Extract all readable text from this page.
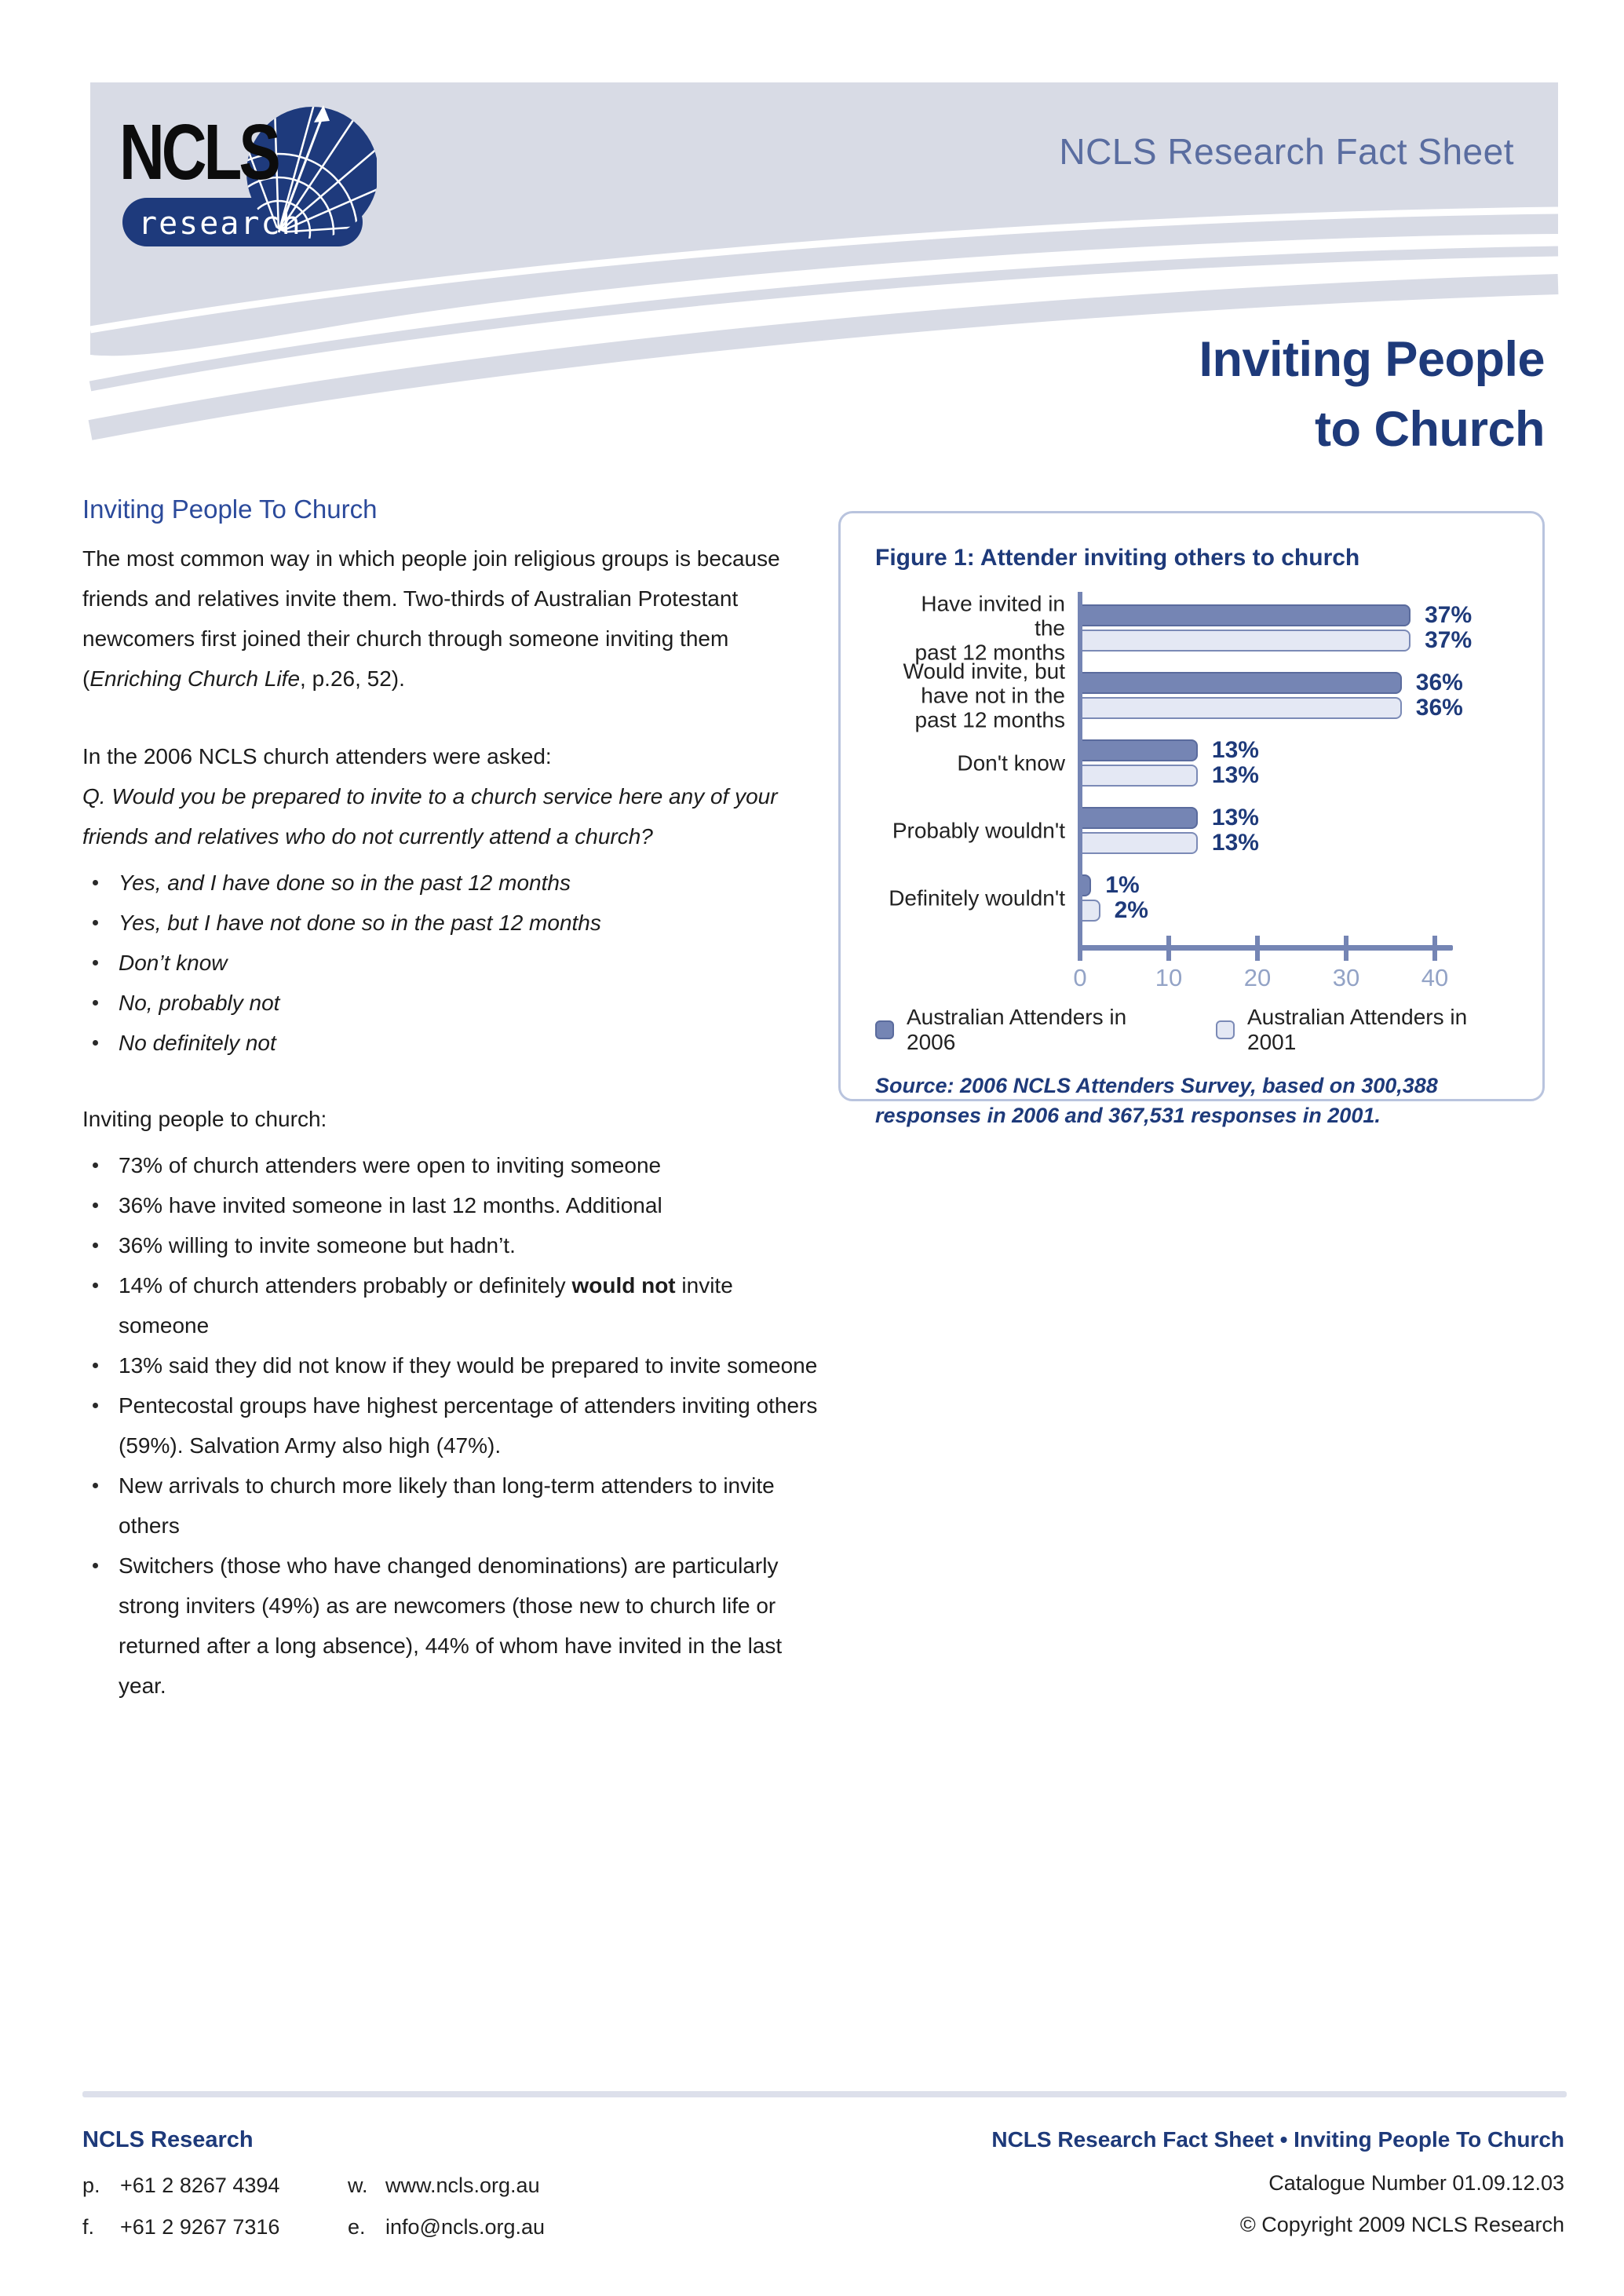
NCLS
research
NCLS Research Fact Sheet
Inviting People
to Church
Inviting People To Church

The most common way in which people join religious groups is because friends and relatives invite them. Two-thirds of Australian Protestant newcomers first joined their church through someone inviting them (Enriching Church Life, p.26, 52).

In the 2006 NCLS church attenders were asked:

Q. Would you be prepared to invite to a church service here any of your friends and relatives who do not currently attend a church?

Yes, and I have done so in the past 12 months
Yes, but I have not done so in the past 12 months
Don’t know
No, probably not
No definitely not

Inviting people to church:

73% of church attenders were open to inviting someone
36% have invited someone in last 12 months. Additional
36% willing to invite someone but hadn’t.
14% of church attenders probably or definitely would not invite someone
13% said they did not know if they would be prepared to invite someone
Pentecostal groups have highest percentage of attenders inviting others (59%). Salvation Army also high (47%).
New arrivals to church more likely than long-term attenders to invite others
Switchers (those who have changed denominations) are particularly strong inviters (49%) as are newcomers (those new to church life or returned after a long absence), 44% of whom have invited in the last year.
Figure 1: Attender inviting others to church
Have invited in the
past 12 months
37%
37%
Would invite, but
have not in the
past 12 months
36%
36%
Don't know	13%
13%
Probably wouldn't	13%
13%
Definitely wouldn't 1%
2%
0	10	20	30	40
Australian Attenders in 2006
Australian Attenders in 2001
Source: 2006 NCLS Attenders Survey, based on 300,388 responses in 2006 and 367,531 responses in 2001.
NCLS Research
p. +61 2 8267 4394	w. www.ncls.org.au
f.	+61 2 9267 7316	e. info@ncls.org.au
NCLS Research Fact Sheet • Inviting People To Church
Catalogue Number 01.09.12.03
© Copyright 2009 NCLS Research
